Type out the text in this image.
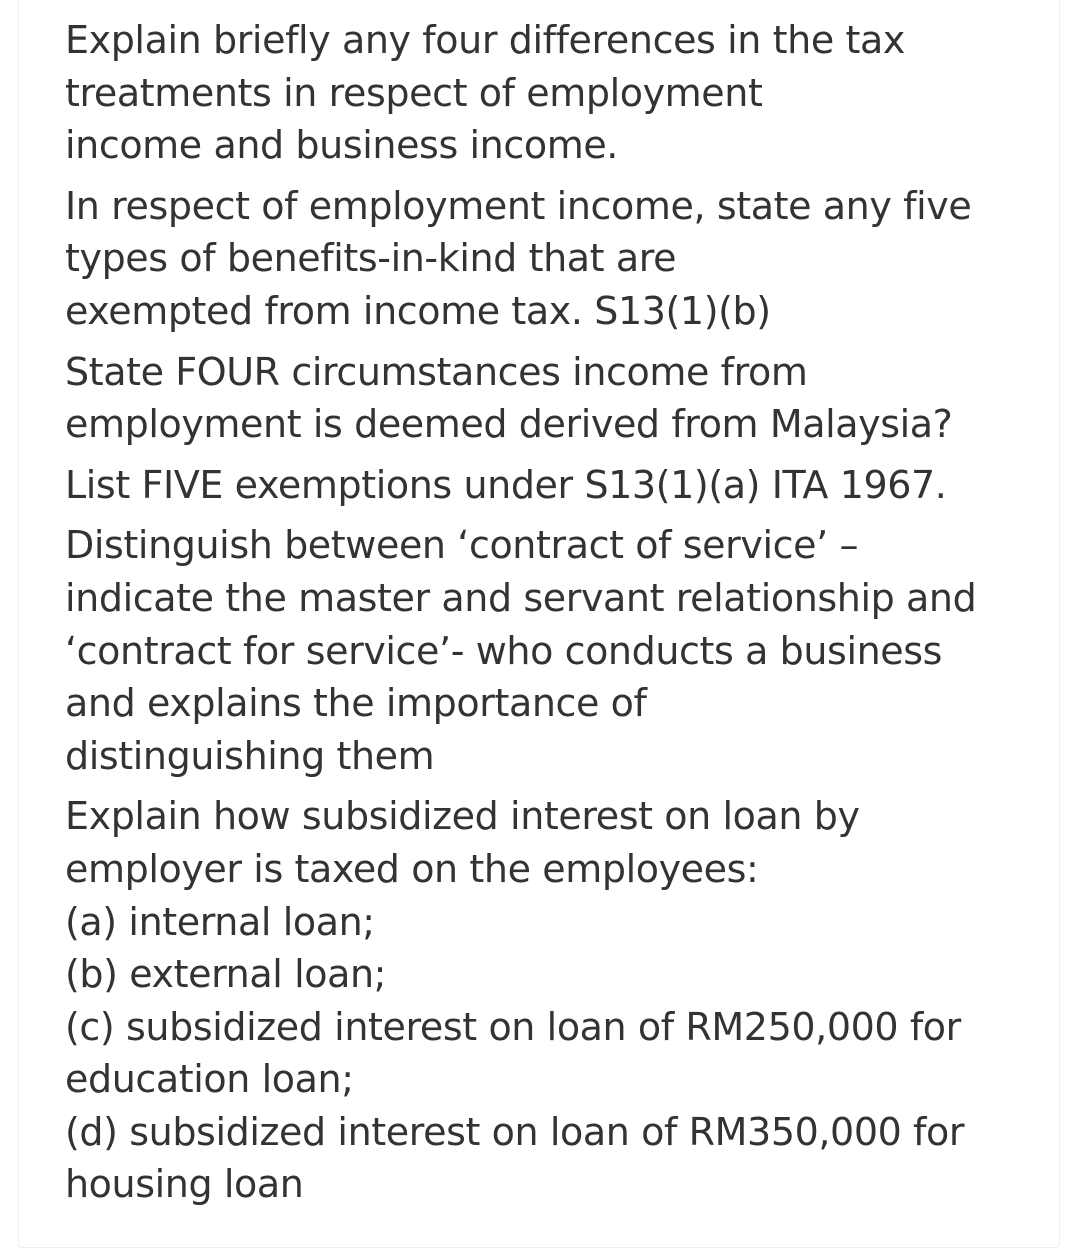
Explain briefly any four differences in the tax
treatments in respect of employment
income and business income.

In respect of employment income, state any five
types of benefits-in-kind that are
exempted from income tax. S13(1)(b)

State FOUR circumstances income from
employment is deemed derived from Malaysia?

List FIVE exemptions under S13(1)(a) ITA 1967.

Distinguish between ‘contract of service’ –
indicate the master and servant relationship and
‘contract for service’- who conducts a business
and explains the importance of
distinguishing them

Explain how subsidized interest on loan by
employer is taxed on the employees:
(a) internal loan;
(b) external loan;
(c) subsidized interest on loan of RM250,000 for
education loan;
(d) subsidized interest on loan of RM350,000 for
housing loan
